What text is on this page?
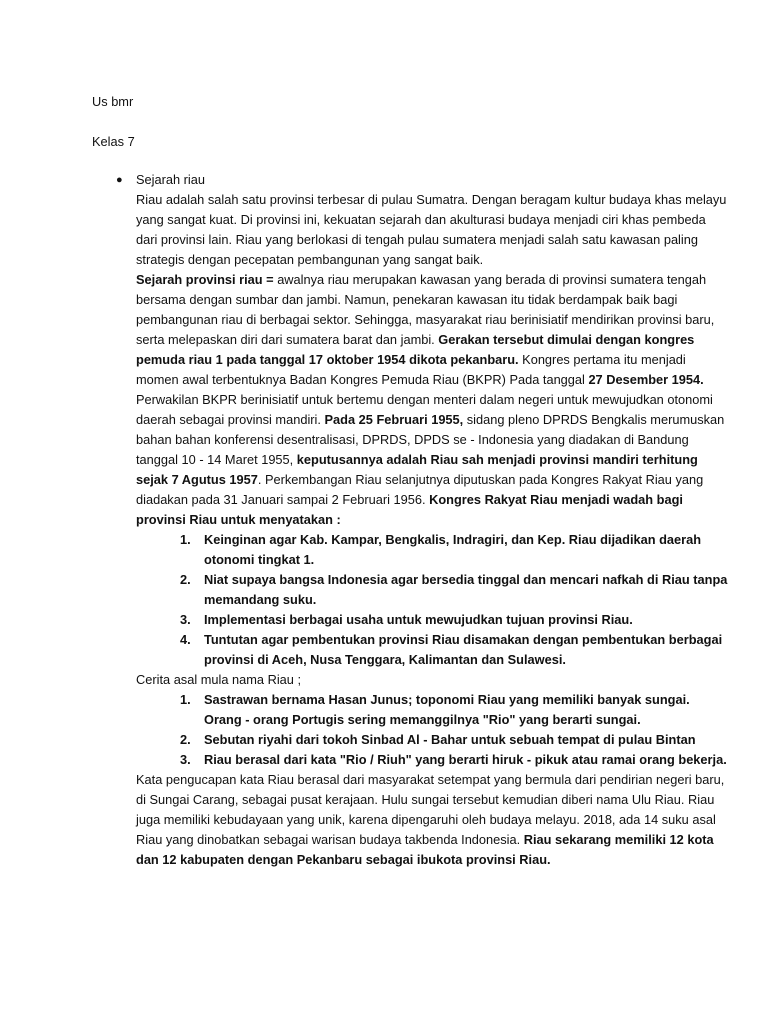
Us bmr

Kelas 7

● Sejarah riau

Riau adalah salah satu provinsi terbesar di pulau Sumatra. Dengan beragam kultur budaya khas melayu yang sangat kuat. Di provinsi ini, kekuatan sejarah dan akulturasi budaya menjadi ciri khas pembeda dari provinsi lain. Riau yang berlokasi di tengah pulau sumatera menjadi salah satu kawasan paling strategis dengan pecepatan pembangunan yang sangat baik.

Sejarah provinsi riau = awalnya riau merupakan kawasan yang berada di provinsi sumatera tengah bersama dengan sumbar dan jambi. Namun, penekaran kawasan itu tidak berdampak baik bagi pembangunan riau di berbagai sektor. Sehingga, masyarakat riau berinisiatif mendirikan provinsi baru, serta melepaskan diri dari sumatera barat dan jambi. Gerakan tersebut dimulai dengan kongres pemuda riau 1 pada tanggal 17 oktober 1954 dikota pekanbaru. Kongres pertama itu menjadi momen awal terbentuknya Badan Kongres Pemuda Riau (BKPR) Pada tanggal 27 Desember 1954. Perwakilan BKPR berinisiatif untuk bertemu dengan menteri dalam negeri untuk mewujudkan otonomi daerah sebagai provinsi mandiri. Pada 25 Februari 1955, sidang pleno DPRDS Bengkalis merumuskan bahan bahan konferensi desentralisasi, DPRDS, DPDS se - Indonesia yang diadakan di Bandung tanggal 10 - 14 Maret 1955, keputusannya adalah Riau sah menjadi provinsi mandiri terhitung sejak 7 Agutus 1957. Perkembangan Riau selanjutnya diputuskan pada Kongres Rakyat Riau yang diadakan pada 31 Januari sampai 2 Februari 1956. Kongres Rakyat Riau menjadi wadah bagi provinsi Riau untuk menyatakan :

1. Keinginan agar Kab. Kampar, Bengkalis, Indragiri, dan Kep. Riau dijadikan daerah otonomi tingkat 1.
2. Niat supaya bangsa Indonesia agar bersedia tinggal dan mencari nafkah di Riau tanpa memandang suku.
3. Implementasi berbagai usaha untuk mewujudkan tujuan provinsi Riau.
4. Tuntutan agar pembentukan provinsi Riau disamakan dengan pembentukan berbagai provinsi di Aceh, Nusa Tenggara, Kalimantan dan Sulawesi.

Cerita asal mula nama Riau ;

1. Sastrawan bernama Hasan Junus; toponomi Riau yang memiliki banyak sungai. Orang - orang Portugis sering memanggilnya "Rio" yang berarti sungai.
2. Sebutan riyahi dari tokoh Sinbad Al - Bahar untuk sebuah tempat di pulau Bintan
3. Riau berasal dari kata "Rio / Riuh" yang berarti hiruk - pikuk atau ramai orang bekerja.

Kata pengucapan kata Riau berasal dari masyarakat setempat yang bermula dari pendirian negeri baru, di Sungai Carang, sebagai pusat kerajaan. Hulu sungai tersebut kemudian diberi nama Ulu Riau. Riau juga memiliki kebudayaan yang unik, karena dipengaruhi oleh budaya melayu. 2018, ada 14 suku asal Riau yang dinobatkan sebagai warisan budaya takbenda Indonesia. Riau sekarang memiliki 12 kota dan 12 kabupaten dengan Pekanbaru sebagai ibukota provinsi Riau.
